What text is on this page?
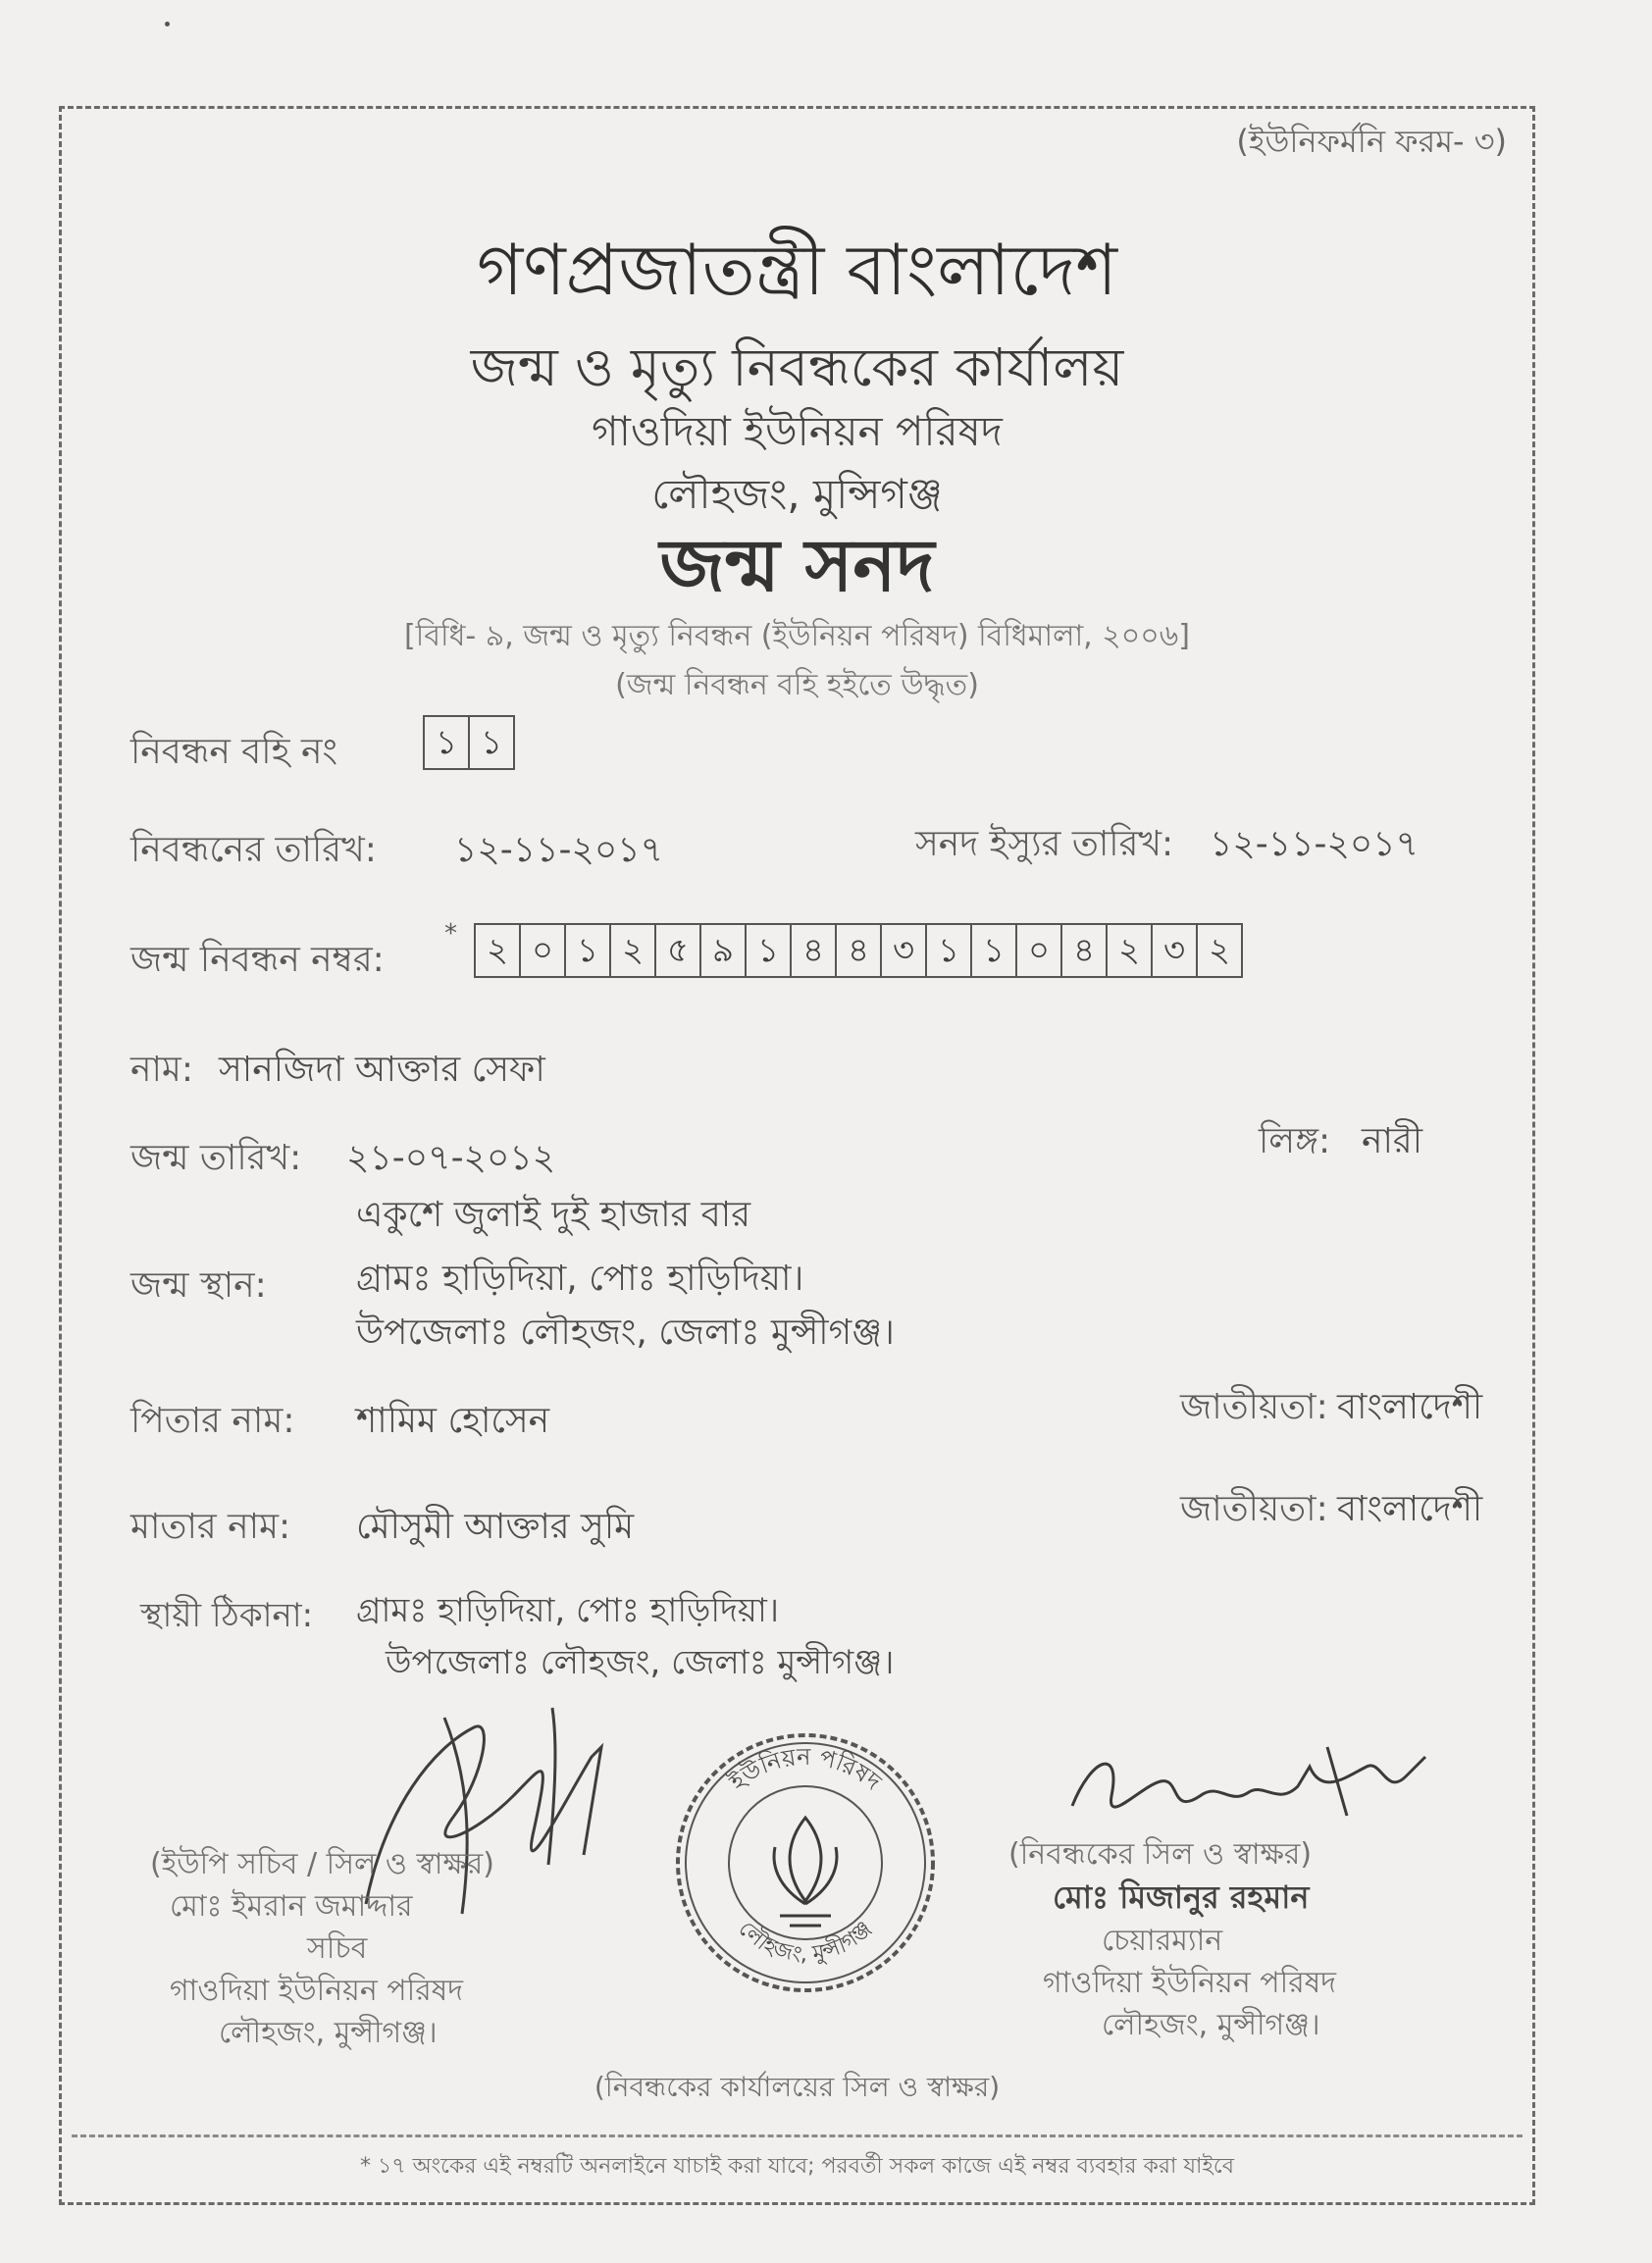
(ইউনিফর্মনি ফরম- ৩)
গণপ্রজাতন্ত্রী বাংলাদেশ
জন্ম ও মৃত্যু নিবন্ধকের কার্যালয়
গাওদিয়া ইউনিয়ন পরিষদ
লৌহজং, মুন্সিগঞ্জ
জন্ম সনদ
[বিধি- ৯, জন্ম ও মৃত্যু নিবন্ধন (ইউনিয়ন পরিষদ) বিধিমালা, ২০০৬]
(জন্ম নিবন্ধন বহি হইতে উদ্ধৃত)
নিবন্ধন বহি নং	১ ১
নিবন্ধনের তারিখ: ১২-১১-২০১৭	সনদ ইস্যুর তারিখ: ১২-১১-২০১৭
জন্ম নিবন্ধন নম্বর:
* ২ ০ ১ ২ ৫ ৯ ১ ৪ ৪ ৩ ১ ১ ০ ৪ ২ ৩ ২
নাম: সানজিদা আক্তার সেফা
জন্ম তারিখ: ২১-০৭-২০১২
একুশে জুলাই দুই হাজার বার
লিঙ্গ: নারী
জন্ম স্থান:	গ্রামঃ হাড়িদিয়া, পোঃ হাড়িদিয়া।
উপজেলাঃ লৌহজং, জেলাঃ মুন্সীগঞ্জ।
পিতার নাম: শামিম হোসেন	জাতীয়তা: বাংলাদেশী
মাতার নাম: মৌসুমী আক্তার সুমি	জাতীয়তা: বাংলাদেশী
স্থায়ী ঠিকানা: গ্রামঃ হাড়িদিয়া, পোঃ হাড়িদিয়া।
উপজেলাঃ লৌহজং, জেলাঃ মুন্সীগঞ্জ।
(ইউপি সচিব / সিল ও স্বাক্ষর)
মোঃ ইমরান জমাদ্দার
সচিব
গাওদিয়া ইউনিয়ন পরিষদ
লৌহজং, মুন্সীগঞ্জ।
ইউনিয়ন পরিষদ
লৌহজং, মুন্সীগঞ্জ
(নিবন্ধকের সিল ও স্বাক্ষর)
মোঃ মিজানুর রহমান
চেয়ারম্যান
গাওদিয়া ইউনিয়ন পরিষদ
লৌহজং, মুন্সীগঞ্জ।
(নিবন্ধকের কার্যালয়ের সিল ও স্বাক্ষর)
* ১৭ অংকের এই নম্বরটি অনলাইনে যাচাই করা যাবে; পরবর্তী সকল কাজে এই নম্বর ব্যবহার করা যাইবে
